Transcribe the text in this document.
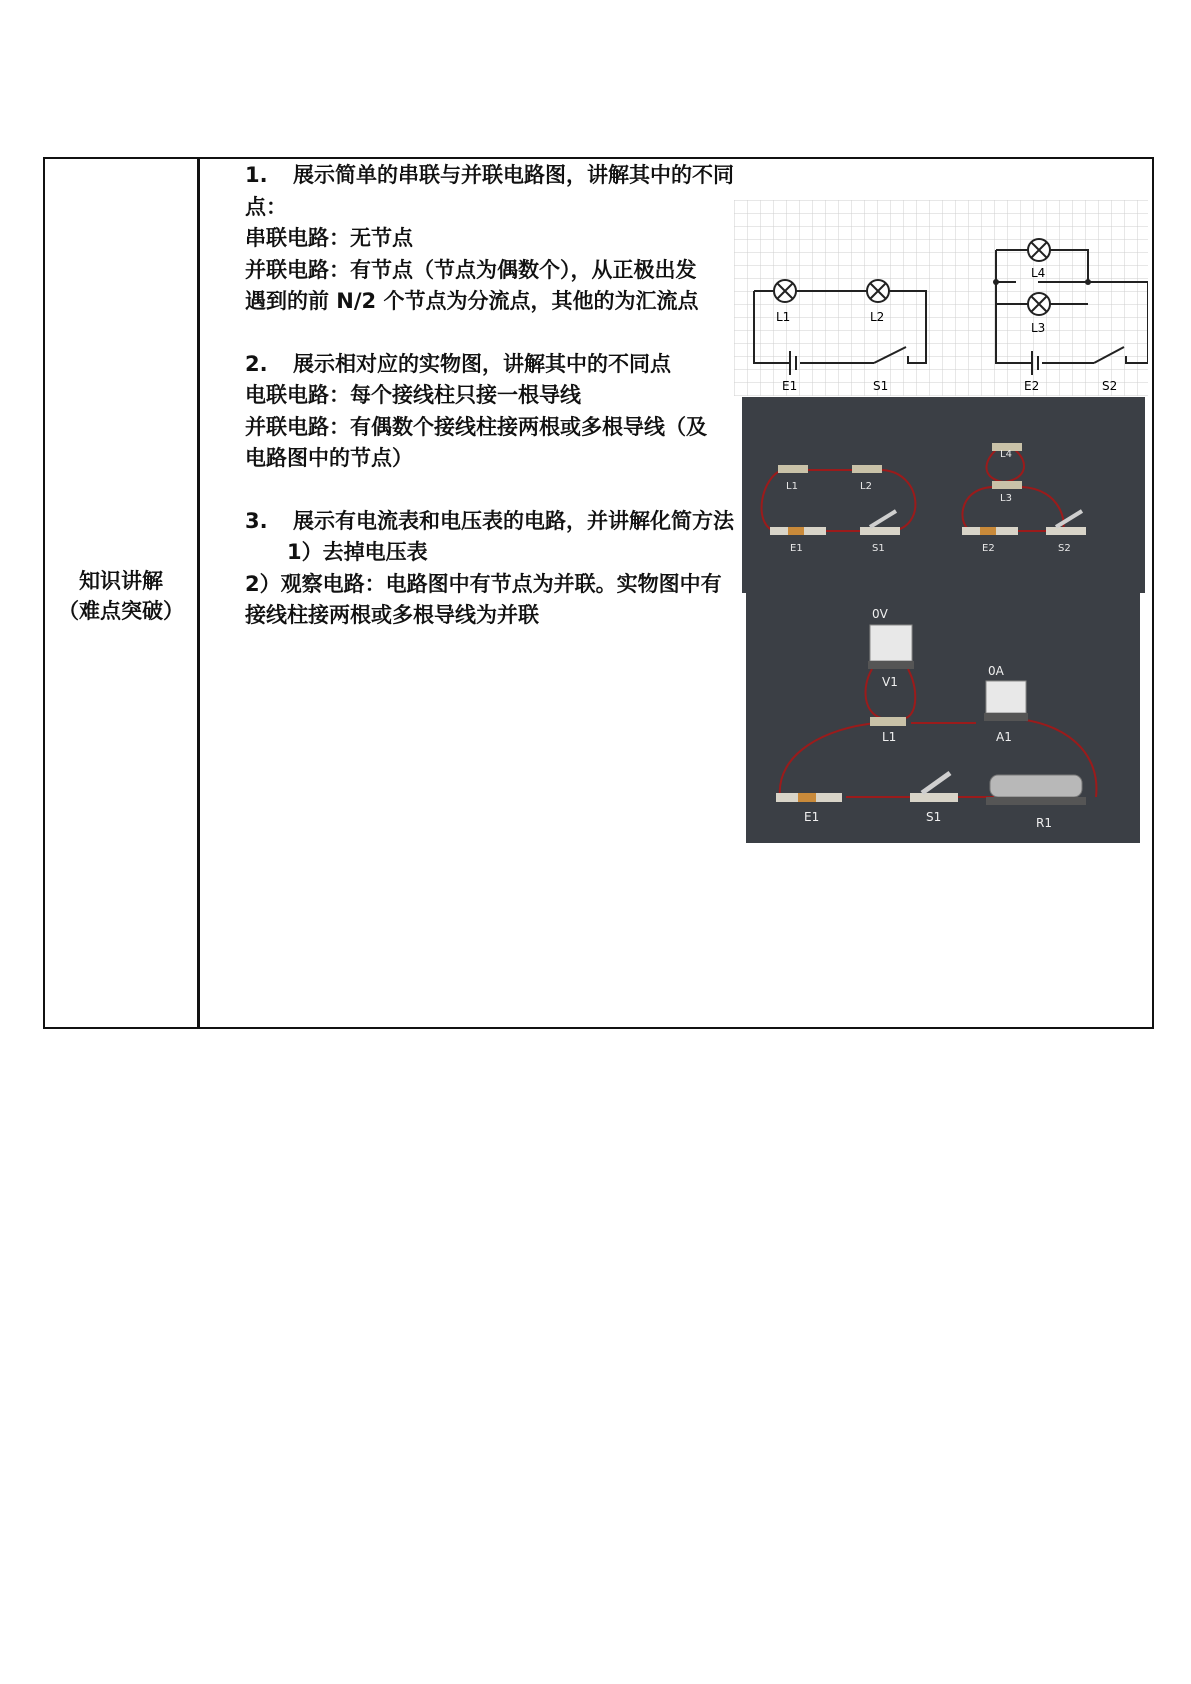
知识讲解
（难点突破）

1. 展示简单的串联与并联电路图，讲解其中的不同点：

串联电路：无节点

并联电路：有节点（节点为偶数个），从正极出发遇到的前 N/2 个节点为分流点，其他的为汇流点

2. 展示相对应的实物图，讲解其中的不同点

电联电路：每个接线柱只接一根导线

并联电路：有偶数个接线柱接两根或多根导线（及电路图中的节点）

3. 展示有电流表和电压表的电路，并讲解化简方法

1）去掉电压表

2）观察电路：电路图中有节点为并联。实物图中有接线柱接两根或多根导线为并联

L1	L2
E1	S1
L4
L3
E2	S2
L1	L2
E1	S1
L4
L3
E2	S2
0V
0A
V1
A1
L1
E1	S1	R1
